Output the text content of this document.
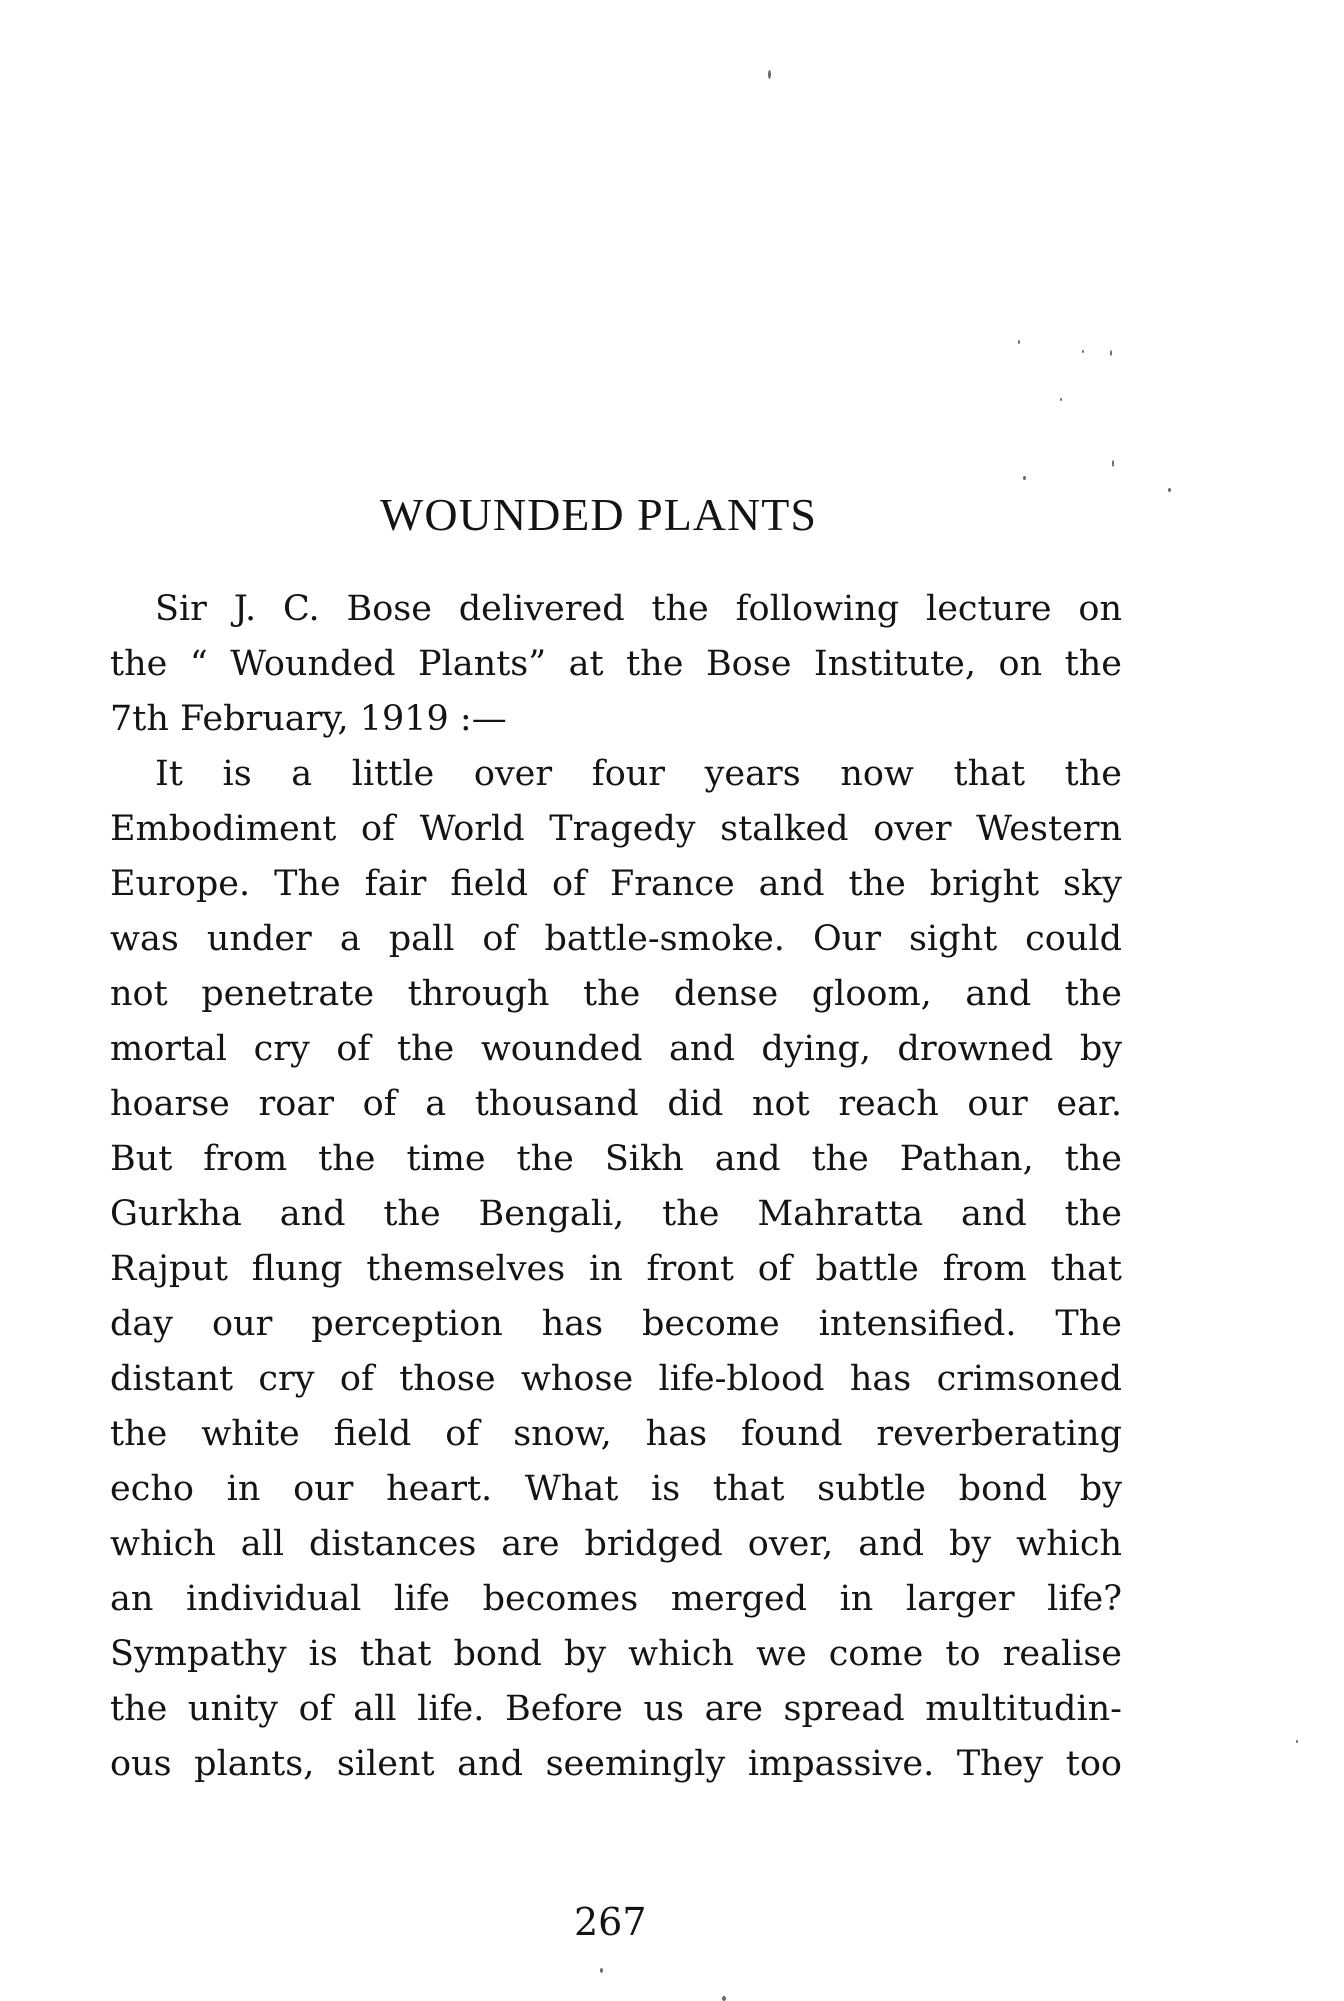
WOUNDED PLANTS
Sir J. C. Bose delivered the following lecture on
the “ Wounded Plants” at the Bose Institute, on the
7th February, 1919 :—
It is a little over four years now that the
Embodiment of World Tragedy stalked over Western
Europe. The fair field of France and the bright sky
was under a pall of battle-smoke. Our sight could
not penetrate through the dense gloom, and the
mortal cry of the wounded and dying, drowned by
hoarse roar of a thousand did not reach our ear.
But from the time the Sikh and the Pathan, the
Gurkha and the Bengali, the Mahratta and the
Rajput flung themselves in front of battle from that
day our perception has become intensified. The
distant cry of those whose life-blood has crimsoned
the white field of snow, has found reverberating
echo in our heart. What is that subtle bond by
which all distances are bridged over, and by which
an individual life becomes merged in larger life?
Sympathy is that bond by which we come to realise
the unity of all life. Before us are spread multitudin-
ous plants, silent and seemingly impassive. They too
267
